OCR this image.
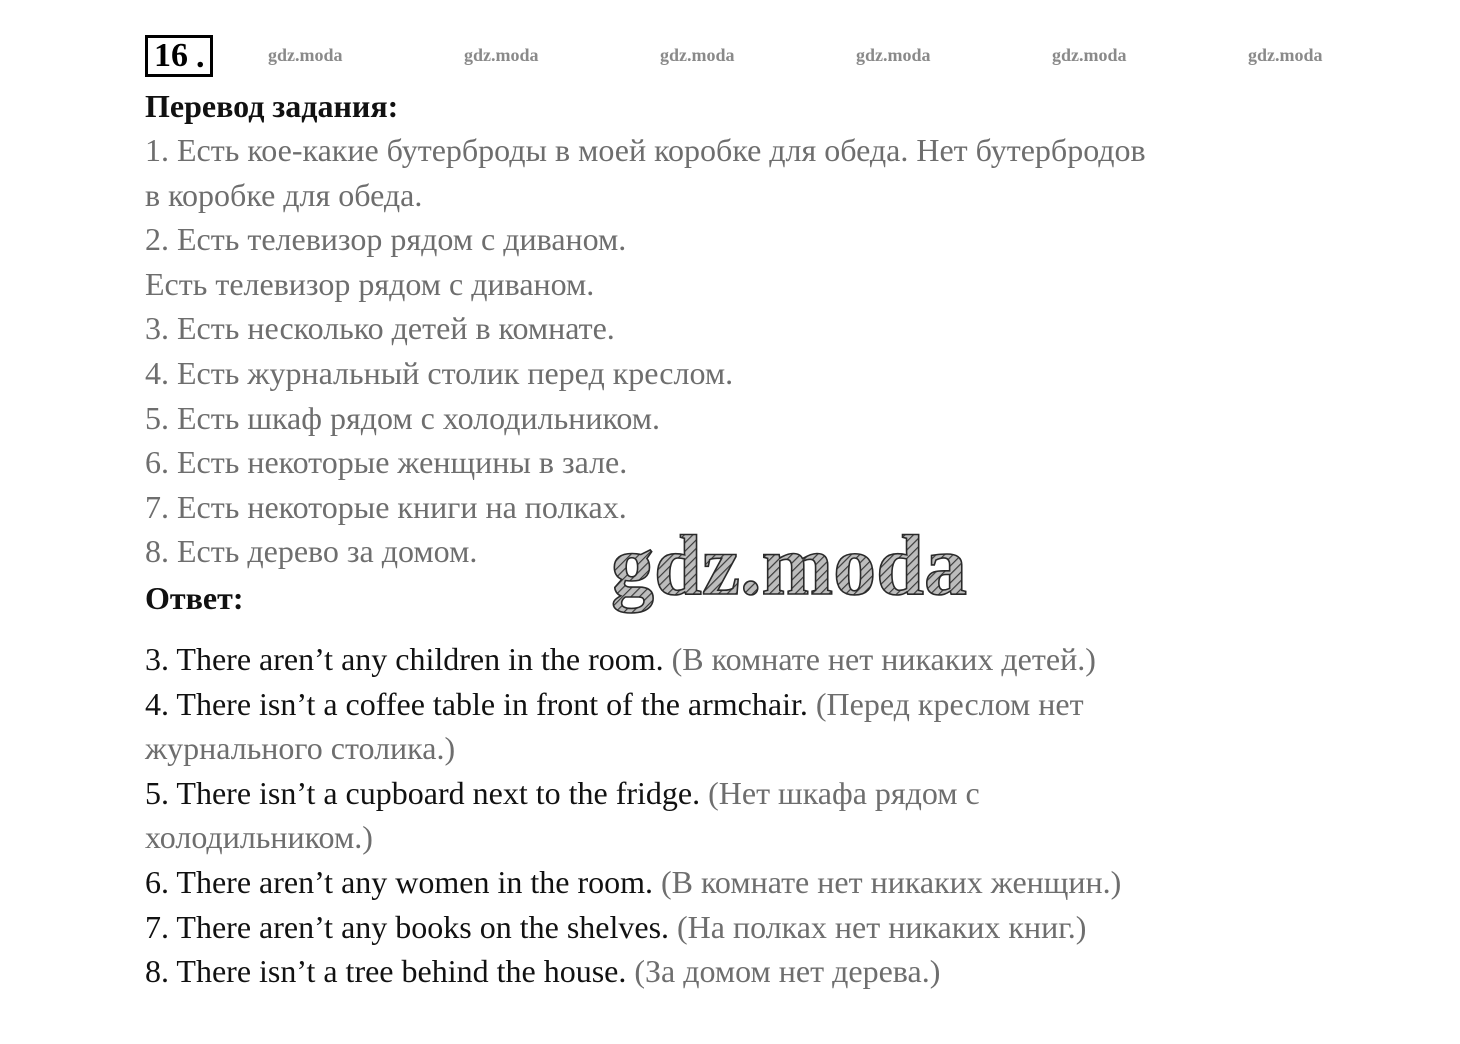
16 .	gdz.moda	gdz.moda	gdz.moda	gdz.moda	gdz.moda	gdz.moda
Перевод задания:
1. Есть кое-какие бутерброды в моей коробке для обеда. Нет бутербродов
в коробке для обеда.
2. Есть телевизор рядом с диваном.
Есть телевизор рядом с диваном.
3. Есть несколько детей в комнате.
4. Есть журнальный столик перед креслом.
5. Есть шкаф рядом с холодильником.
6. Есть некоторые женщины в зале.
7. Есть некоторые книги на полках.
8. Есть дерево за домом.
Ответ:
3. There aren’t any children in the room. (В комнате нет никаких детей.)
4. There isn’t a coffee table in front of the armchair. (Перед креслом нет
журнального столика.)
5. There isn’t a cupboard next to the fridge. (Нет шкафа рядом с
холодильником.)
6. There aren’t any women in the room. (В комнате нет никаких женщин.)
7. There aren’t any books on the shelves. (На полках нет никаких книг.)
8. There isn’t a tree behind the house. (За домом нет дерева.)
gdz.moda
